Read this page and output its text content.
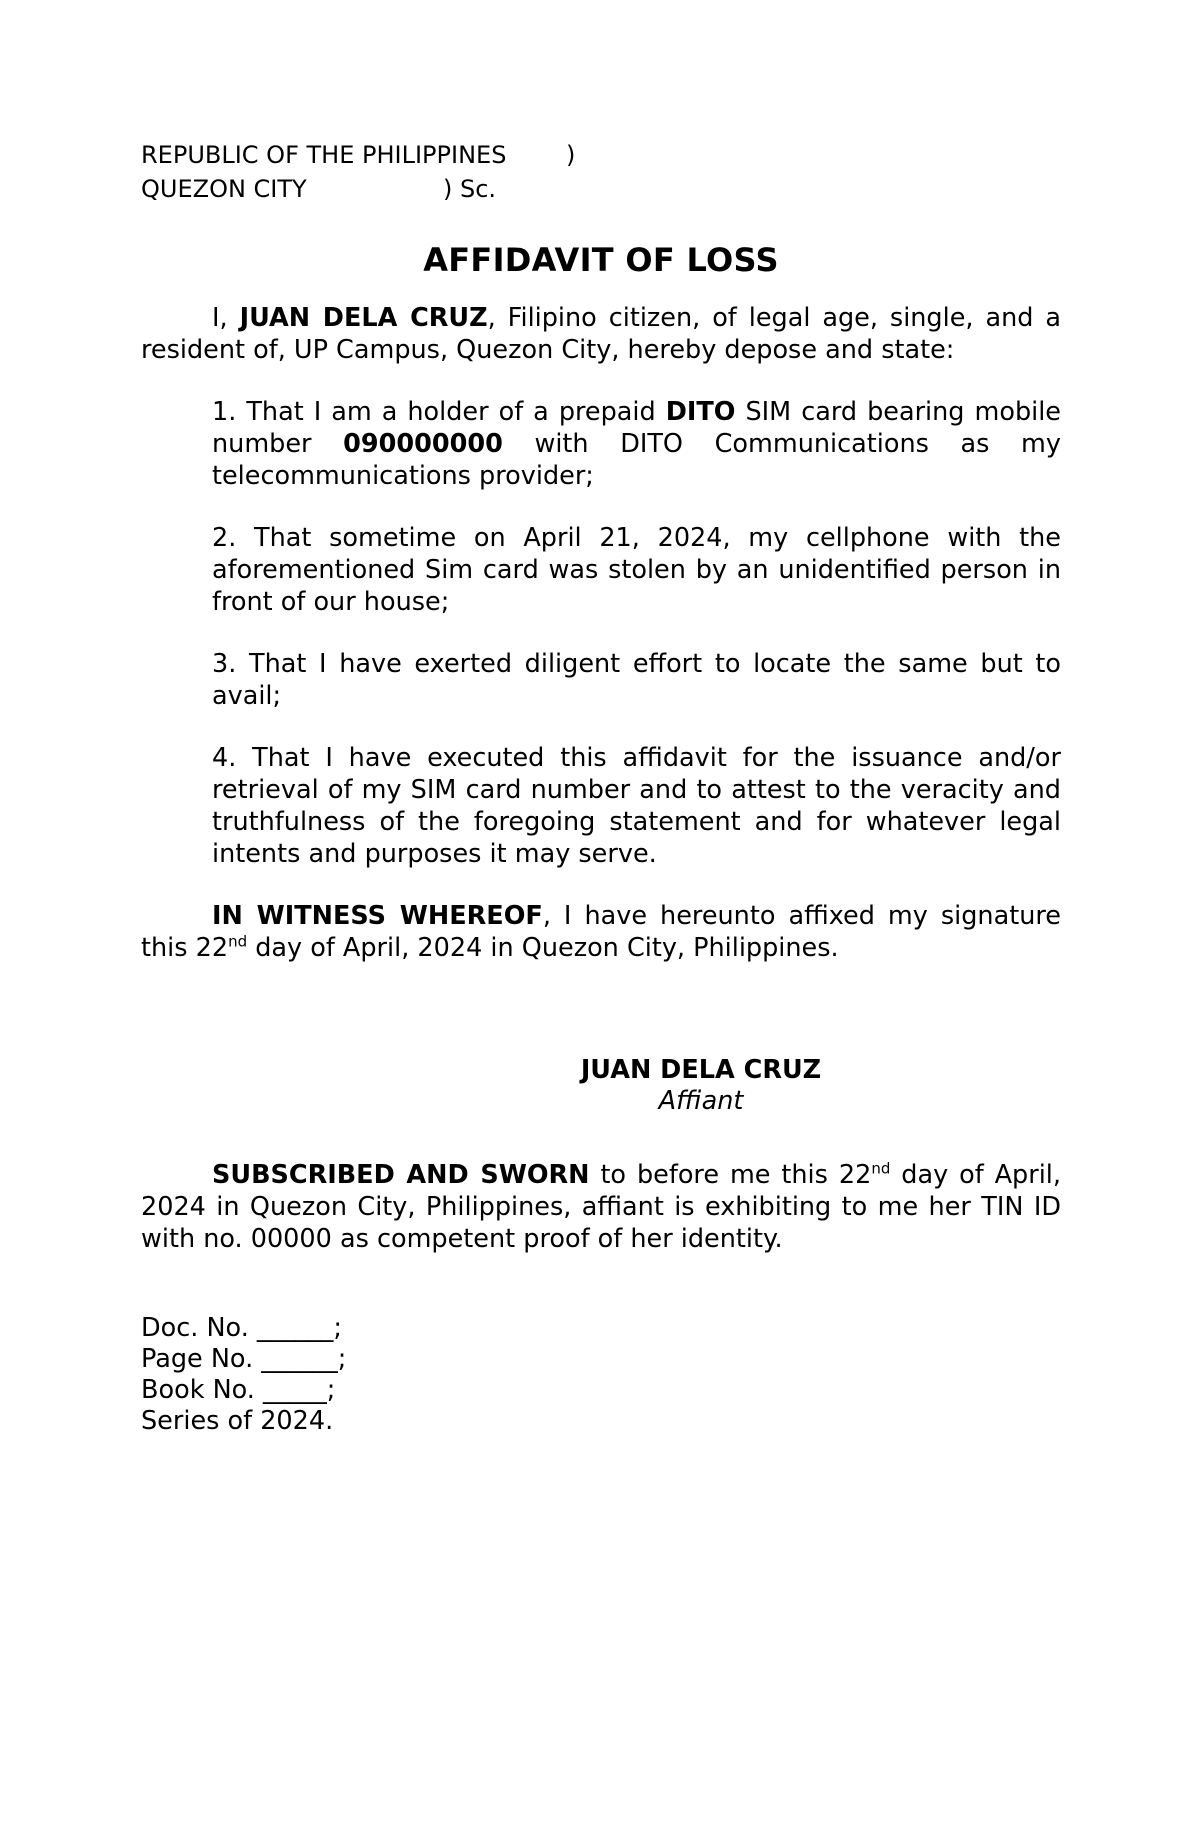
REPUBLIC OF THE PHILIPPINES )
QUEZON CITY	) Sc.
AFFIDAVIT OF LOSS

I, JUAN DELA CRUZ, Filipino citizen, of legal age, single, and a resident of, UP Campus, Quezon City, hereby depose and state:

1. That I am a holder of a prepaid DITO SIM card bearing mobile number 090000000 with DITO Communications as my telecommunications provider;

2. That sometime on April 21, 2024, my cellphone with the aforementioned Sim card was stolen by an unidentified person in front of our house;

3. That I have exerted diligent effort to locate the same but to avail;

4. That I have executed this affidavit for the issuance and/or retrieval of my SIM card number and to attest to the veracity and truthfulness of the foregoing statement and for whatever legal intents and purposes it may serve.

IN WITNESS WHEREOF, I have hereunto affixed my signature this 22nd day of April, 2024 in Quezon City, Philippines.

JUAN DELA CRUZ
Affiant

SUBSCRIBED AND SWORN to before me this 22nd day of April, 2024 in Quezon City, Philippines, affiant is exhibiting to me her TIN ID with no. 00000 as competent proof of her identity.

Doc. No. ______;
Page No. ______;
Book No. _____;
Series of 2024.
